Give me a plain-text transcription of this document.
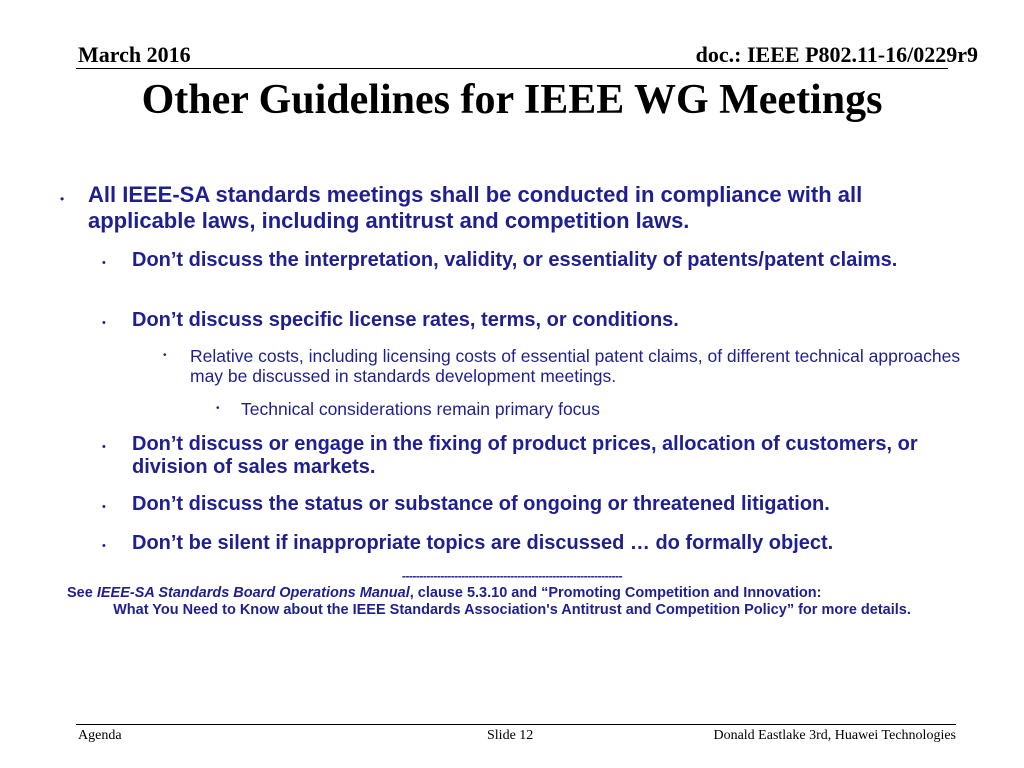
March 2016	doc.: IEEE P802.11-16/0229r9
Other Guidelines for IEEE WG Meetings
• All IEEE-SA standards meetings shall be conducted in compliance with all applicable laws, including antitrust and competition laws.
• Don’t discuss the interpretation, validity, or essentiality of patents/patent claims.
• Don’t discuss specific license rates, terms, or conditions.
• Relative costs, including licensing costs of essential patent claims, of different technical approaches may be discussed in standards development meetings.
• Technical considerations remain primary focus
• Don’t discuss or engage in the fixing of product prices, allocation of customers, or division of sales markets.
• Don’t discuss the status or substance of ongoing or threatened litigation.
• Don’t be silent if inappropriate topics are discussed … do formally object.
---------------------------------------------------------------
See IEEE-SA Standards Board Operations Manual, clause 5.3.10 and “Promoting Competition and Innovation:
What You Need to Know about the IEEE Standards Association's Antitrust and Competition Policy” for more details.
Agenda	Slide 12	Donald Eastlake 3rd, Huawei Technologies
